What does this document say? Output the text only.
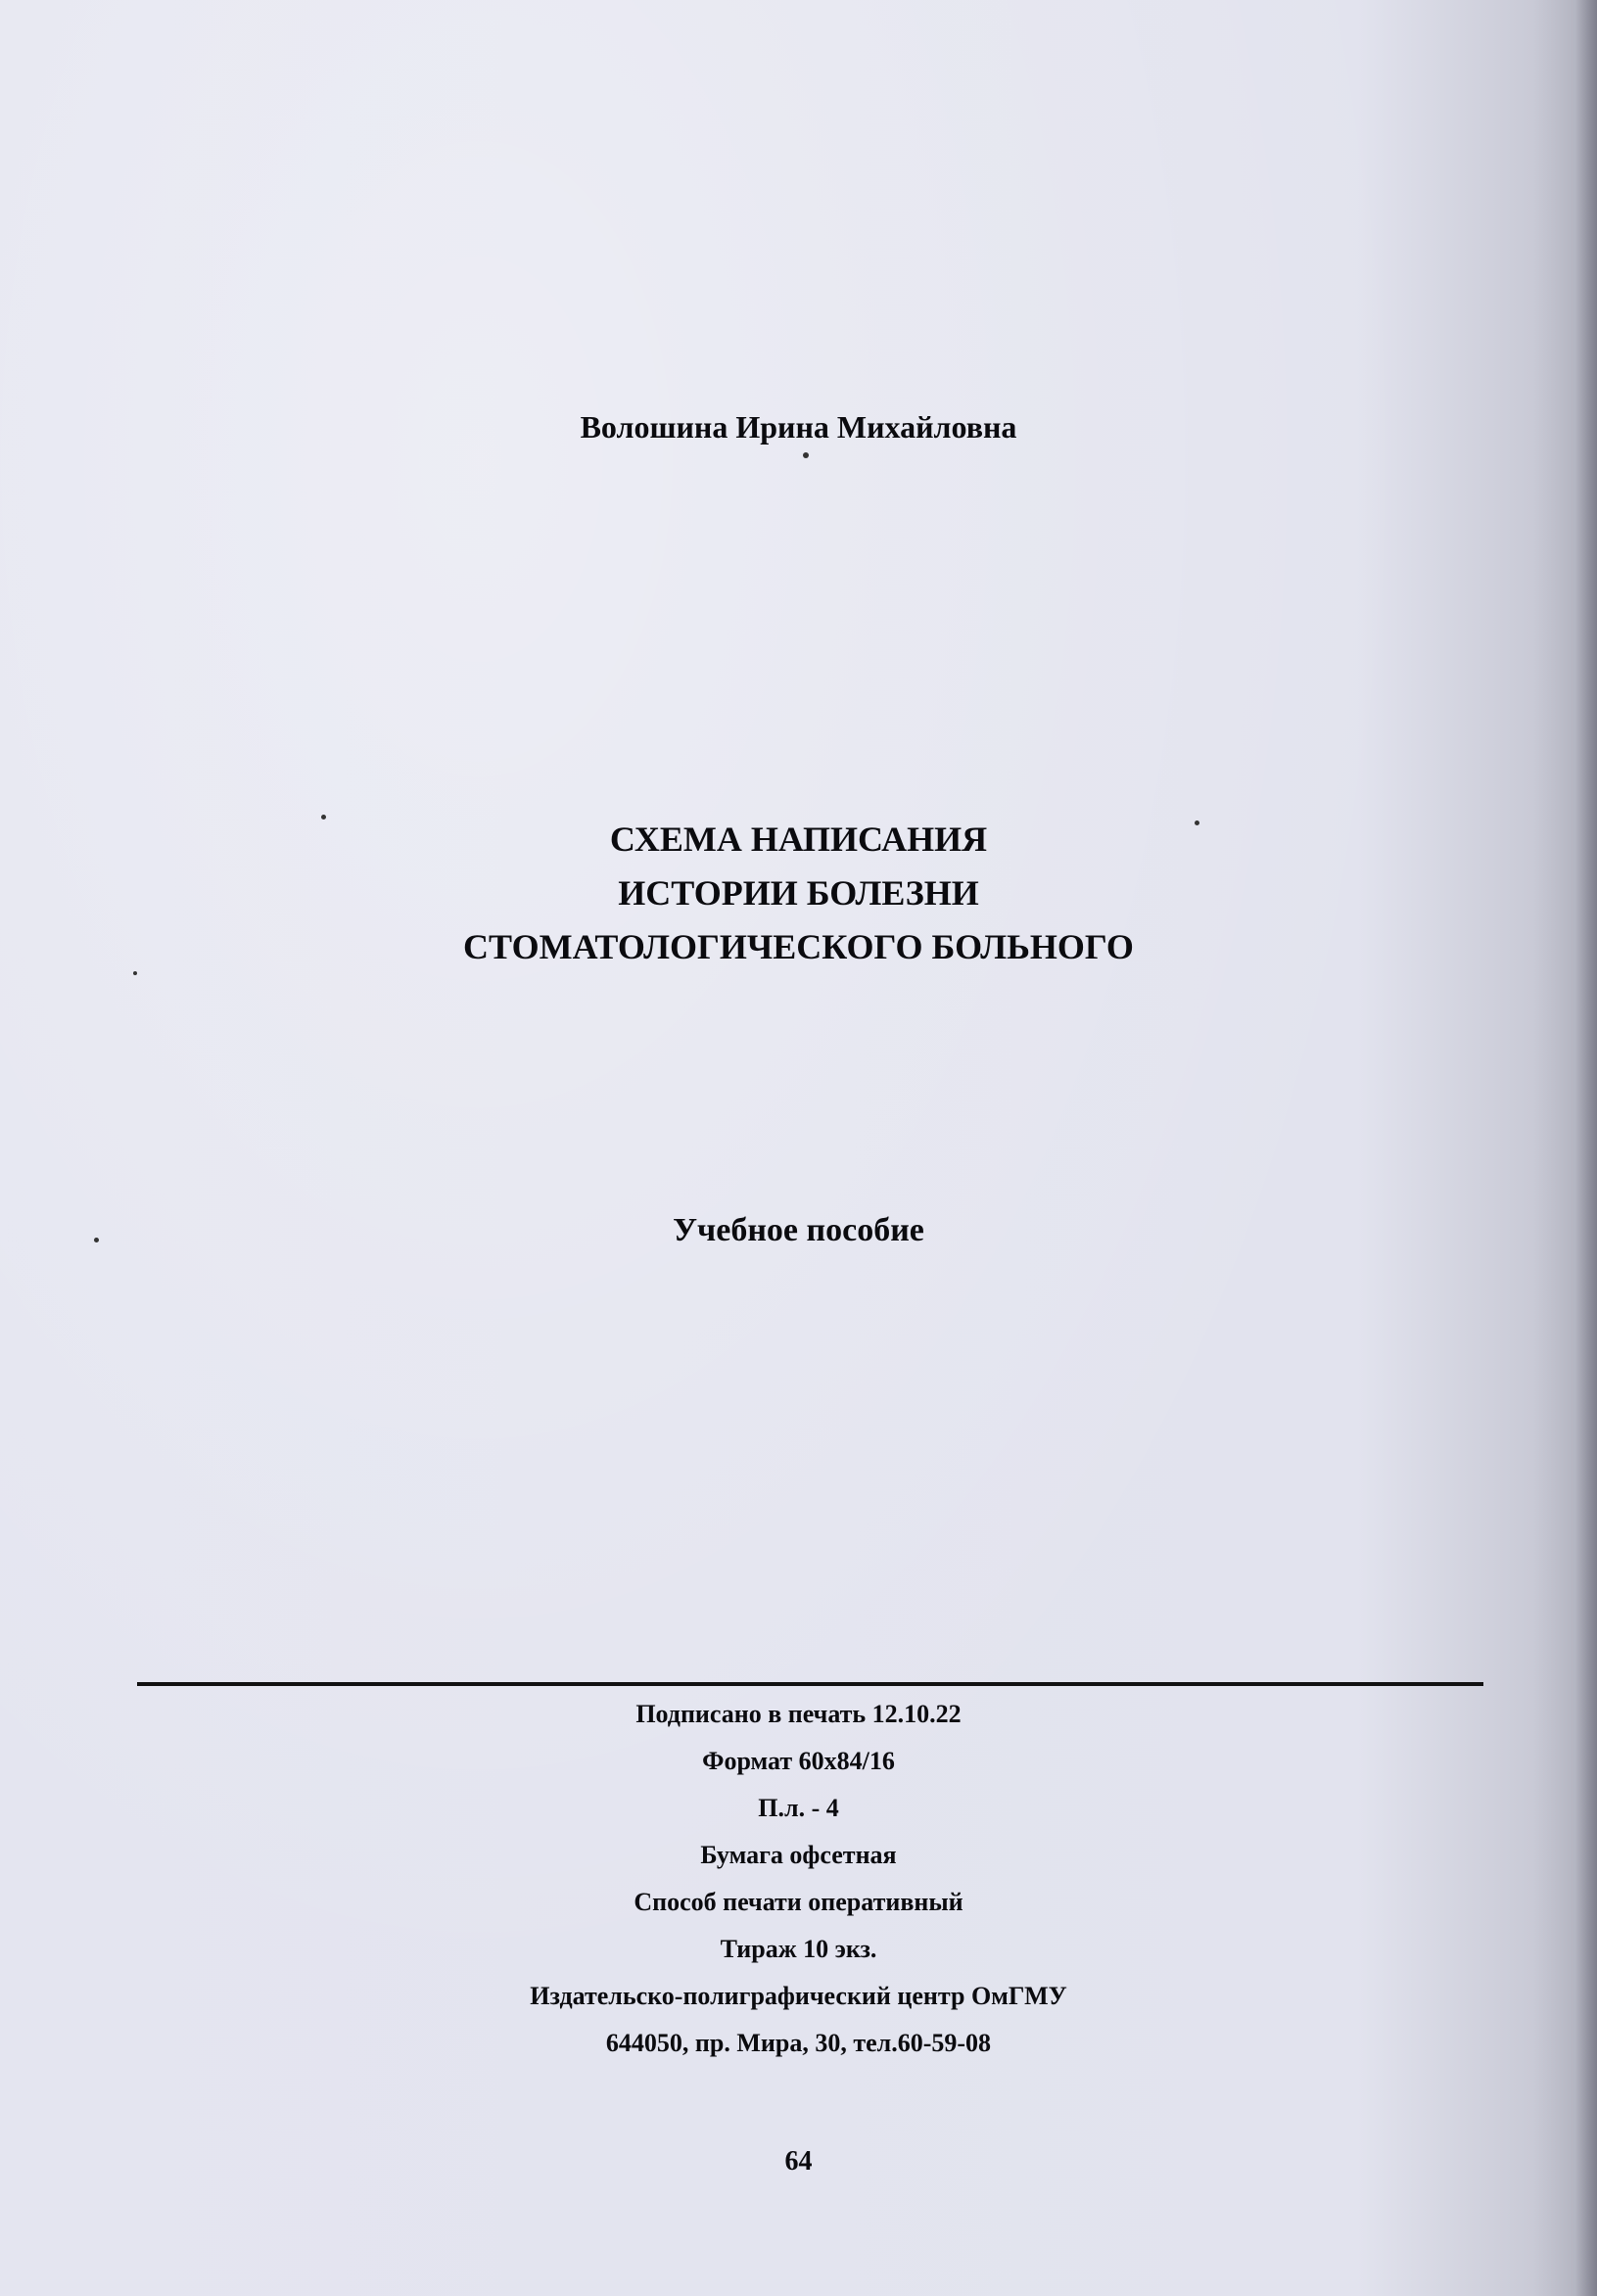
Волошина Ирина Михайловна
СХЕМА НАПИСАНИЯ
ИСТОРИИ БОЛЕЗНИ
СТОМАТОЛОГИЧЕСКОГО БОЛЬНОГО
Учебное пособие
Подписано в печать 12.10.22
Формат 60х84/16
П.л. - 4
Бумага офсетная
Способ печати оперативный
Тираж 10 экз.
Издательско-полиграфический центр ОмГМУ
644050, пр. Мира, 30, тел.60-59-08
64
